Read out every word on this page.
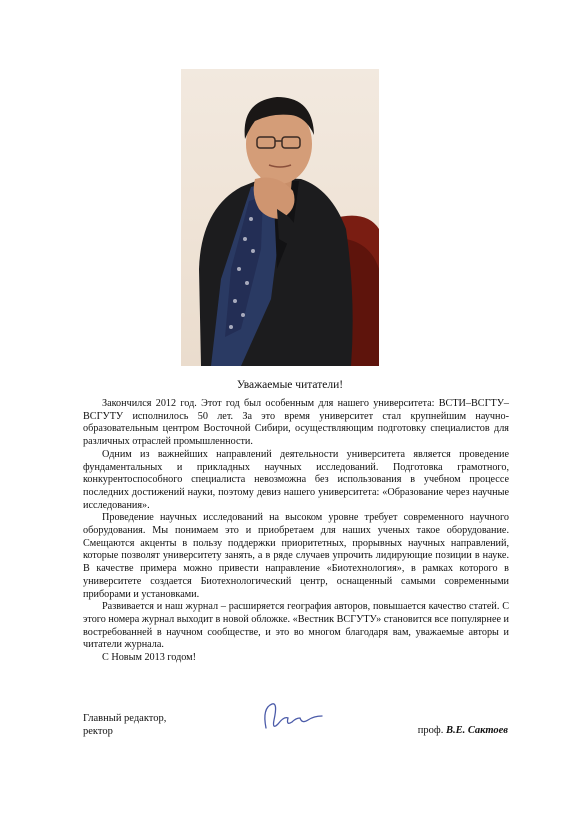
Уважаемые читатели!

Закончился 2012 год. Этот год был особенным для нашего университета: ВСТИ–ВСГТУ–ВСГУТУ исполнилось 50 лет. За это время университет стал крупнейшим научно-образовательным центром Восточной Сибири, осуществляющим подготовку специалистов для различных отраслей промышленности.

Одним из важнейших направлений деятельности университета является проведение фундаментальных и прикладных научных исследований. Подготовка грамотного, конкурентоспособного специалиста невозможна без использования в учебном процессе последних достижений науки, поэтому девиз нашего университета: «Образование через научные исследования».

Проведение научных исследований на высоком уровне требует современного научного оборудования. Мы понимаем это и приобретаем для наших ученых такое оборудование. Смещаются акценты в пользу поддержки приоритетных, прорывных научных направлений, которые позволят университету занять, а в ряде случаев упрочить лидирующие позиции в науке. В качестве примера можно привести направление «Биотехнология», в рамках которого в университете создается Биотехнологический центр, оснащенный самыми современными приборами и установками.

Развивается и наш журнал – расширяется география авторов, повышается качество статей. С этого номера журнал выходит в новой обложке. «Вестник ВСГУТУ» становится все популярнее и востребованней в научном сообществе, и это во многом благодаря вам, уважаемые авторы и читатели журнала.

С Новым 2013 годом!

Главный редактор,
ректор	проф. В.Е. Сактоев
